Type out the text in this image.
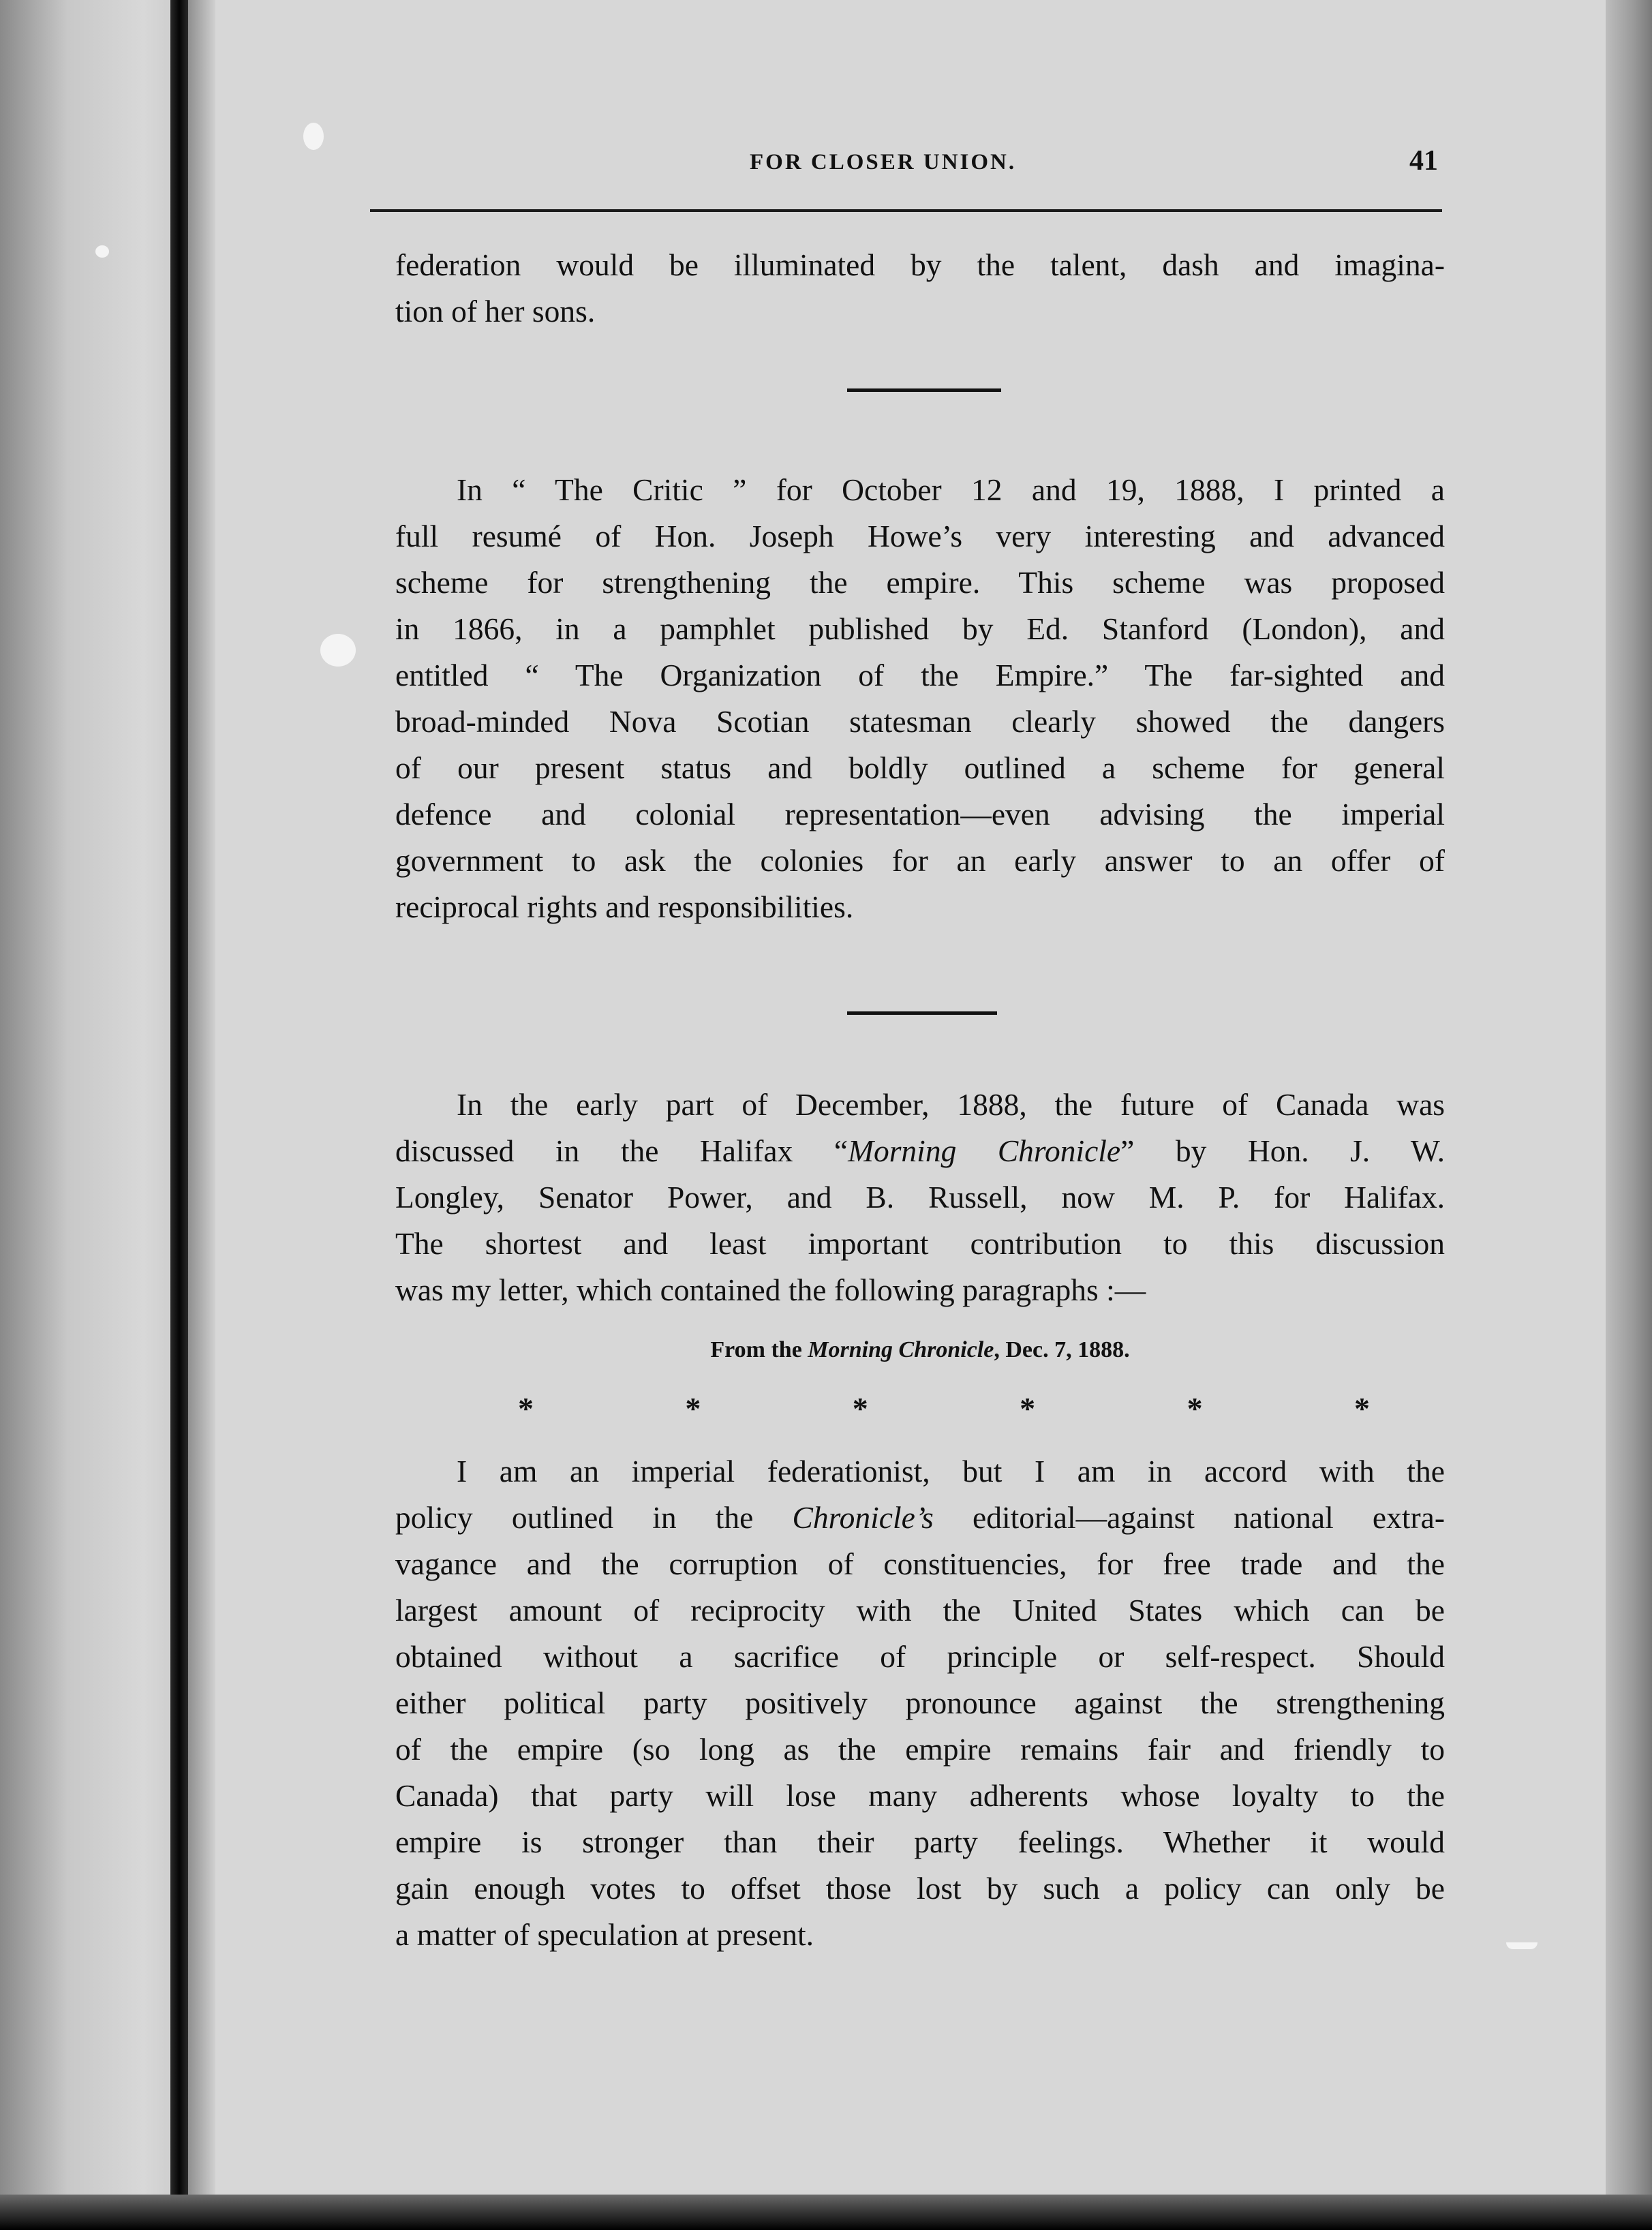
FOR CLOSER UNION.	41
federation would be illuminated by the talent, dash and imagina-
tion of her sons.
In “ The Critic ” for October 12 and 19, 1888, I printed a
full resumé of Hon. Joseph Howe’s very interesting and advanced
scheme for strengthening the empire. This scheme was proposed
in 1866, in a pamphlet published by Ed. Stanford (London), and
entitled “ The Organization of the Empire.” The far-sighted and
broad-minded Nova Scotian statesman clearly showed the dangers
of our present status and boldly outlined a scheme for general
defence and colonial representation—even advising the imperial
government to ask the colonies for an early answer to an offer of
reciprocal rights and responsibilities.
In the early part of December, 1888, the future of Canada was
discussed in the Halifax “Morning Chronicle” by Hon. J. W.
Longley, Senator Power, and B. Russell, now M. P. for Halifax.
The shortest and least important contribution to this discussion
was my letter, which contained the following paragraphs :—
From the Morning Chronicle, Dec. 7, 1888.
*	*	*	*	*	*
I am an imperial federationist, but I am in accord with the
policy outlined in the Chronicle’s editorial—against national extra-
vagance and the corruption of constituencies, for free trade and the
largest amount of reciprocity with the United States which can be
obtained without a sacrifice of principle or self-respect. Should
either political party positively pronounce against the strengthening
of the empire (so long as the empire remains fair and friendly to
Canada) that party will lose many adherents whose loyalty to the
empire is stronger than their party feelings. Whether it would
gain enough votes to offset those lost by such a policy can only be
a matter of speculation at present.
